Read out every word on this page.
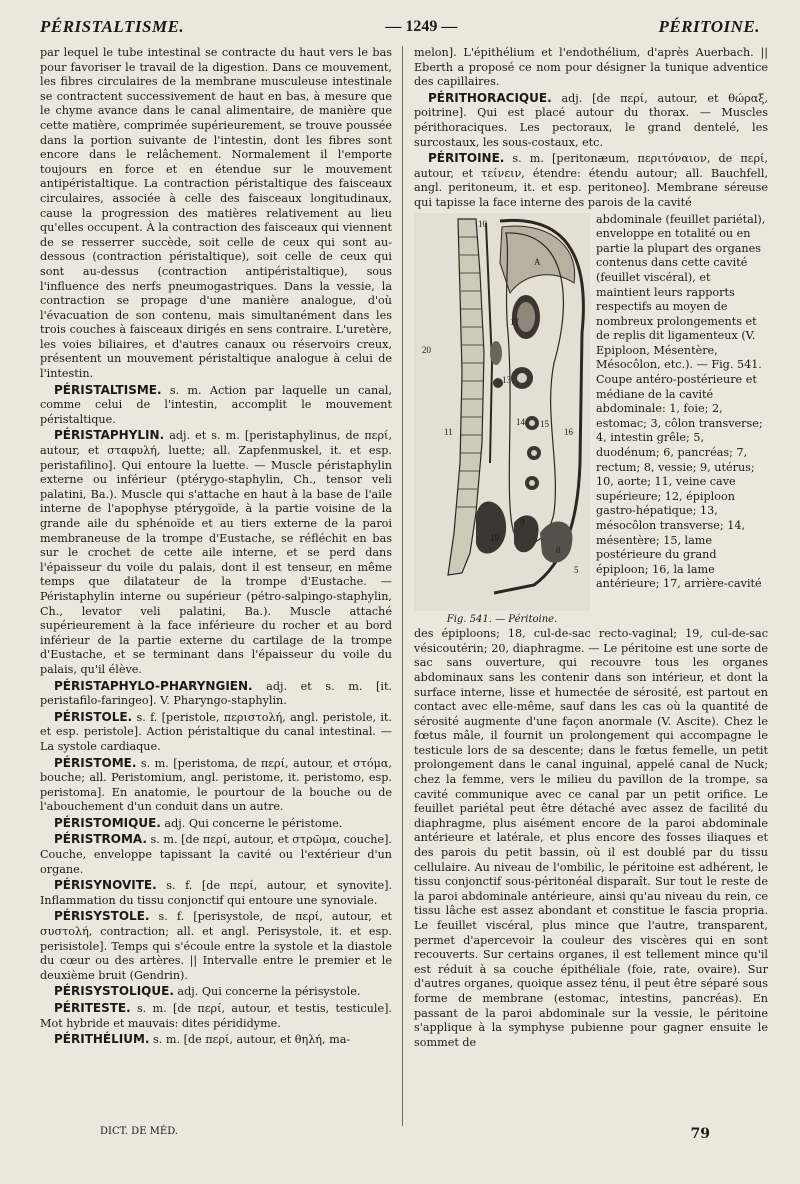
PÉRISTALTISME.	— 1249 —	PÉRITOINE.

par lequel le tube intestinal se contracte du haut vers le bas pour favoriser le travail de la digestion. Dans ce mouvement, les fibres circulaires de la membrane musculeuse intestinale se contractent successivement de haut en bas, à mesure que le chyme avance dans le canal alimentaire, de manière que cette matière, comprimée supérieurement, se trouve poussée dans la portion suivante de l'intestin, dont les fibres sont encore dans le relâchement. Normalement il l'emporte toujours en force et en étendue sur le mouvement antipéristaltique. La contraction péristaltique des faisceaux circulaires, associée à celle des faisceaux longitudinaux, cause la progression des matières relativement au lieu qu'elles occupent. À la contraction des faisceaux qui viennent de se resserrer succède, soit celle de ceux qui sont au-dessous (contraction péristaltique), soit celle de ceux qui sont au-dessus (contraction antipéristaltique), sous l'influence des nerfs pneumogastriques. Dans la vessie, la contraction se propage d'une manière analogue, d'où l'évacuation de son contenu, mais simultanément dans les trois couches à faisceaux dirigés en sens contraire. L'uretère, les voies biliaires, et d'autres canaux ou réservoirs creux, présentent un mouvement péristaltique analogue à celui de l'intestin.

PÉRISTALTISME. s. m. Action par laquelle un canal, comme celui de l'intestin, accomplit le mouvement péristaltique.

PÉRISTAPHYLIN. adj. et s. m. [peristaphylinus, de περί, autour, et σταφυλή, luette; all. Zapfenmuskel, it. et esp. peristafilino]. Qui entoure la luette. — Muscle péristaphylin externe ou inférieur (ptérygo-staphylin, Ch., tensor veli palatini, Ba.). Muscle qui s'attache en haut à la base de l'aile interne de l'apophyse ptérygoïde, à la partie voisine de la grande aile du sphénoïde et au tiers externe de la paroi membraneuse de la trompe d'Eustache, se réfléchit en bas sur le crochet de cette aile interne, et se perd dans l'épaisseur du voile du palais, dont il est tenseur, en même temps que dilatateur de la trompe d'Eustache. — Péristaphylin interne ou supérieur (pétro-salpingo-staphylin, Ch., levator veli palatini, Ba.). Muscle attaché supérieurement à la face inférieure du rocher et au bord inférieur de la partie externe du cartilage de la trompe d'Eustache, et se terminant dans l'épaisseur du voile du palais, qu'il élève.

PÉRISTAPHYLO-PHARYNGIEN. adj. et s. m. [it. peristafilo-faringeo]. V. Pharyngo-staphylin.

PÉRISTOLE. s. f. [peristole, περιστολή, angl. peristole, it. et esp. peristole]. Action péristaltique du canal intestinal. — La systole cardiaque.

PÉRISTOME. s. m. [peristoma, de περί, autour, et στόμα, bouche; all. Peristomium, angl. peristome, it. peristomo, esp. peristoma]. En anatomie, le pourtour de la bouche ou de l'abouchement d'un conduit dans un autre.

PÉRISTOMIQUE. adj. Qui concerne le péristome.

PÉRISTROMA. s. m. [de περί, autour, et στρῶμα, couche]. Couche, enveloppe tapissant la cavité ou l'extérieur d'un organe.

PÉRISYNOVITE. s. f. [de περί, autour, et synovite]. Inflammation du tissu conjonctif qui entoure une synoviale.

PÉRISYSTOLE. s. f. [perisystole, de περί, autour, et συστολή, contraction; all. et angl. Perisystole, it. et esp. perisistole]. Temps qui s'écoule entre la systole et la diastole du cœur ou des artères. || Intervalle entre le premier et le deuxième bruit (Gendrin).

PÉRISYSTOLIQUE. adj. Qui concerne la périsystole.

PÉRITESTE. s. m. [de περί, autour, et testis, testicule]. Mot hybride et mauvais: dites pérididyme.

PÉRITHÉLIUM. s. m. [de περί, autour, et θηλή, ma-

melon]. L'épithélium et l'endothélium, d'après Auerbach. || Eberth a proposé ce nom pour désigner la tunique adventice des capillaires.

PÉRITHORACIQUE. adj. [de περί, autour, et θώραξ, poitrine]. Qui est placé autour du thorax. — Muscles périthoraciques. Les pectoraux, le grand dentelé, les surcostaux, les sous-costaux, etc.

PÉRITOINE. s. m. [peritonæum, περιτόναιον, de περί, autour, et τείνειν, étendre: étendu autour; all. Bauchfell, angl. peritoneum, it. et esp. peritoneo]. Membrane séreuse qui tapisse la face interne des parois de la cavité

10
20
A
17
13
11
14 15
16
9
19
8
5
Fig. 541. — Péritoine.
abdominale (feuillet pariétal), enveloppe en totalité ou en partie la plupart des organes contenus dans cette cavité (feuillet viscéral), et maintient leurs rapports respectifs au moyen de nombreux prolongements et de replis dit ligamenteux (V. Epiploon, Mésentère, Mésocôlon, etc.). — Fig. 541. Coupe antéro-postérieure et médiane de la cavité abdominale: 1, foie; 2, estomac; 3, côlon transverse; 4, intestin grêle; 5, duodénum; 6, pancréas; 7, rectum; 8, vessie; 9, utérus; 10, aorte; 11, veine cave supérieure; 12, épiploon gastro-hépatique; 13, mésocôlon transverse; 14, mésentère; 15, lame postérieure du grand épiploon; 16, la lame antérieure; 17, arrière-cavité

des épiploons; 18, cul-de-sac recto-vaginal; 19, cul-de-sac vésicoutérin; 20, diaphragme. — Le péritoine est une sorte de sac sans ouverture, qui recouvre tous les organes abdominaux sans les contenir dans son intérieur, et dont la surface interne, lisse et humectée de sérosité, est partout en contact avec elle-même, sauf dans les cas où la quantité de sérosité augmente d'une façon anormale (V. Ascite). Chez le fœtus mâle, il fournit un prolongement qui accompagne le testicule lors de sa descente; dans le fœtus femelle, un petit prolongement dans le canal inguinal, appelé canal de Nuck; chez la femme, vers le milieu du pavillon de la trompe, sa cavité communique avec ce canal par un petit orifice. Le feuillet pariétal peut être détaché avec assez de facilité du diaphragme, plus aisément encore de la paroi abdominale antérieure et latérale, et plus encore des fosses iliaques et des parois du petit bassin, où il est doublé par du tissu cellulaire. Au niveau de l'ombilic, le péritoine est adhérent, le tissu conjonctif sous-péritonéal disparaît. Sur tout le reste de la paroi abdominale antérieure, ainsi qu'au niveau du rein, ce tissu lâche est assez abondant et constitue le fascia propria. Le feuillet viscéral, plus mince que l'autre, transparent, permet d'apercevoir la couleur des viscères qui en sont recouverts. Sur certains organes, il est tellement mince qu'il est réduit à sa couche épithéliale (foie, rate, ovaire). Sur d'autres organes, quoique assez ténu, il peut être séparé sous forme de membrane (estomac, intestins, pancréas). En passant de la paroi abdominale sur la vessie, le péritoine s'applique à la symphyse pubienne pour gagner ensuite le sommet de

DICT. DE MÉD.	79
